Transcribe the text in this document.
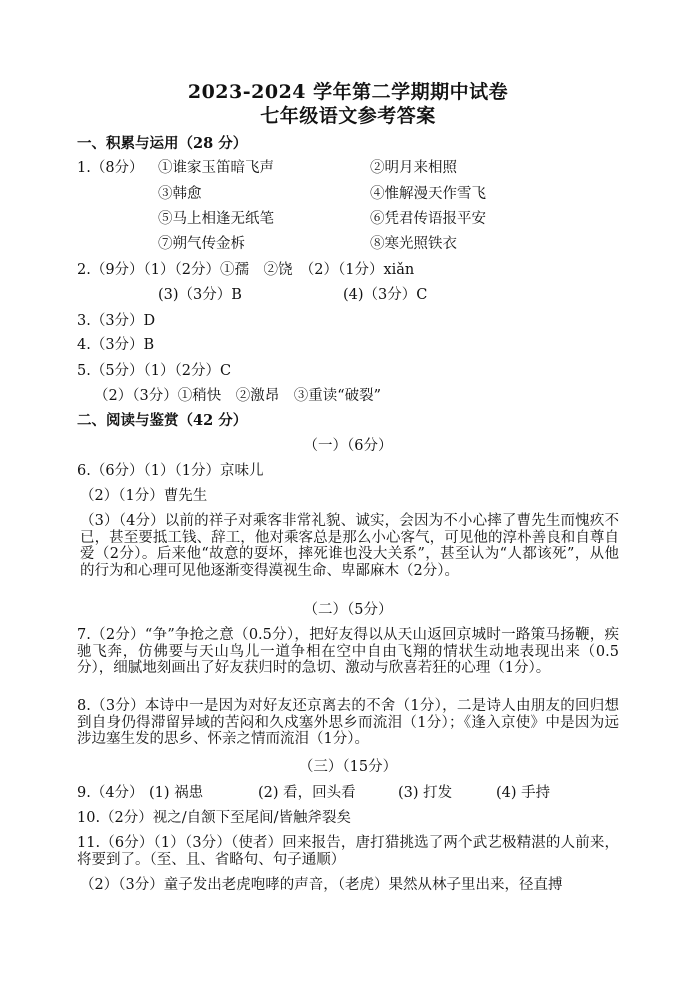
2023-2024 学年第二学期期中试卷
七年级语文参考答案
一、积累与运用（28 分）
1.（8分） ①谁家玉笛暗飞声	②明月来相照
③韩愈	④惟解漫天作雪飞
⑤马上相逢无纸笔	⑥凭君传语报平安
⑦朔气传金柝	⑧寒光照铁衣
2.（9分）（1）（2分）①孺　②饶　（2）（1分）xiǎn
(3)（3分）B	(4)（3分）C
3.（3分）D
4.（3分）B
5.（5分）（1）（2分）C
（2）（3分）①稍快　②激昂　③重读“破裂”
二、阅读与鉴赏（42 分）
（一）（6分）
6.（6分）（1）（1分）京味儿
（2）（1分）曹先生
（3）（4分）以前的祥子对乘客非常礼貌、诚实，会因为不小心摔了曹先生而愧疚不已，甚至要抵工钱、辞工，他对乘客总是那么小心客气，可见他的淳朴善良和自尊自爱（2分）。后来他“故意的耍坏，摔死谁也没大关系”，甚至认为“人都该死”，从他的行为和心理可见他逐渐变得漠视生命、卑鄙麻木（2分）。
（二）（5分）
7.（2分）“争”争抢之意（0.5分），把好友得以从天山返回京城时一路策马扬鞭，疾驰飞奔，仿佛要与天山鸟儿一道争相在空中自由飞翔的情状生动地表现出来（0.5分），细腻地刻画出了好友获归时的急切、激动与欣喜若狂的心理（1分）。
8.（3分）本诗中一是因为对好友还京离去的不舍（1分），二是诗人由朋友的回归想到自身仍得滞留异域的苦闷和久戍塞外思乡而流泪（1分）；《逢入京使》中是因为远涉边塞生发的思乡、怀亲之情而流泪（1分）。
（三）（15分）
9.（4分） (1) 祸患	(2) 看，回头看	(3) 打发	(4) 手持
10.（2分）视之/自颔下至尾间/皆触斧裂矣
11.（6分）（1）（3分）（使者）回来报告，唐打猎挑选了两个武艺极精湛的人前来，将要到了。（至、且、省略句、句子通顺）
（2）（3分）童子发出老虎咆哮的声音，（老虎）果然从林子里出来，径直搏
